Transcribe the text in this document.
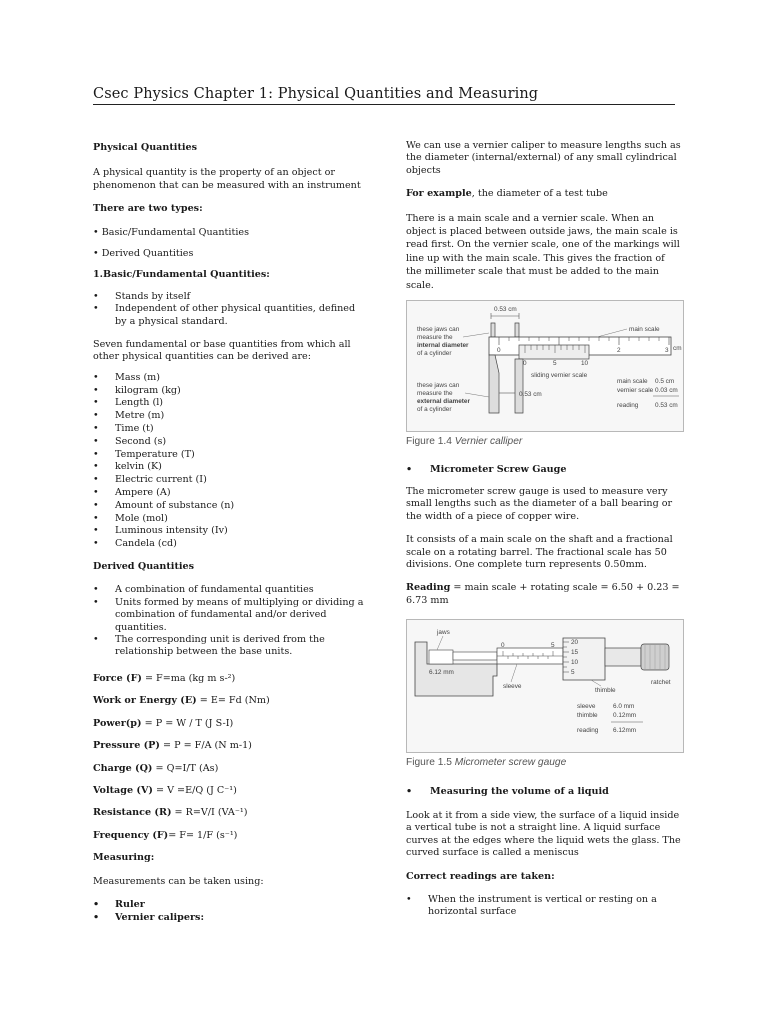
Csec Physics Chapter 1: Physical Quantities and Measuring

Physical Quantities

A physical quantity is the property of an object or phenomenon that can be measured with an instrument

There are two types:

• Basic/Fundamental Quantities

• Derived Quantities

1.Basic/Fundamental Quantities:

• Stands by itself
• Independent of other physical quantities, defined by a physical standard.

Seven fundamental or base quantities from which all other physical quantities can be derived are:

• Mass (m)
• kilogram (kg)
• Length (l)
• Metre (m)
• Time (t)
• Second (s)
• Temperature (T)
• kelvin (K)
• Electric current (I)
• Ampere (A)
• Amount of substance (n)
• Mole (mol)
• Luminous intensity (Iv)
• Candela (cd)

Derived Quantities

• A combination of fundamental quantities
• Units formed by means of multiplying or dividing a combination of fundamental and/or derived quantities.
• The corresponding unit is derived from the relationship between the base units.

Force (F) = F=ma (kg m s-²)

Work or Energy (E) = E= Fd (Nm)

Power(p) = P = W / T (J S-I)

Pressure (P) = P = F/A (N m-1)

Charge (Q) = Q=I/T (As)

Voltage (V) = V =E/Q (J C⁻¹)

Resistance (R) = R=V/I (VA⁻¹)

Frequency (F)= F= 1/F (s⁻¹)

Measuring:

Measurements can be taken using:

• Ruler
• Vernier calipers:

We can use a vernier caliper to measure lengths such as the diameter (internal/external) of any small cylindrical objects

For example, the diameter of a test tube

There is a main scale and a vernier scale. When an object is placed between outside jaws, the main scale is read first. On the vernier scale, one of the markings will line up with the main scale. This gives the fraction of the millimeter scale that must be added to the main scale.

0.53 cm
0	2	3 cm
0	5	10
0.53 cm
these jaws can
measure the
internal diameter
of a cylinder
these jaws can
measure the
external diameter
of a cylinder
main scale
sliding vernier scale
main scale 0.5 cm
vernier scale 0.03 cm
reading	0.53 cm
Figure 1.4 Vernier calliper
• Micrometer Screw Gauge

The micrometer screw gauge is used to measure very small lengths such as the diameter of a ball bearing or the width of a piece of copper wire.

It consists of a main scale on the shaft and a fractional scale on a rotating barrel. The fractional scale has 50 divisions. One complete turn represents 0.50mm.

Reading = main scale + rotating scale = 6.50 + 0.23 = 6.73 mm

0	5	20
15
10
5
jaws
6.12 mm
sleeve
thimble
ratchet
sleeve	6.0 mm
thimble 0.12mm
reading 6.12mm
Figure 1.5 Micrometer screw gauge
• Measuring the volume of a liquid

Look at it from a side view, the surface of a liquid inside a vertical tube is not a straight line. A liquid surface curves at the edges where the liquid wets the glass. The curved surface is called a meniscus

Correct readings are taken:

• When the instrument is vertical or resting on a horizontal surface
